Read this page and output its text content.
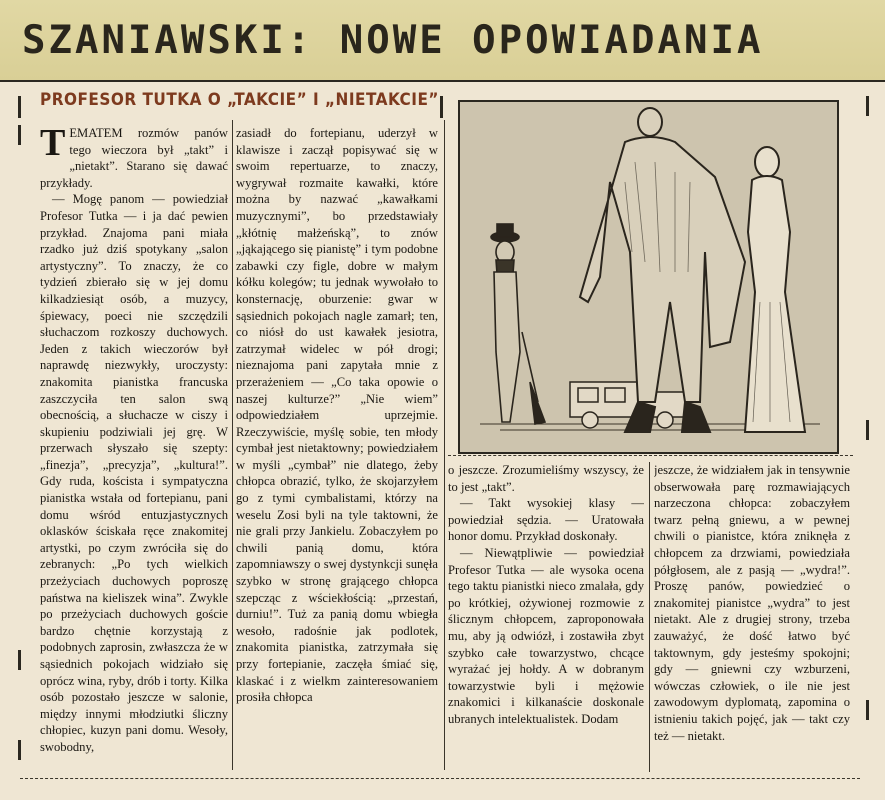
SZANIAWSKI: NOWE OPOWIADANIA
PROFESOR TUTKA O „TAKCIE” I „NIETAKCIE”

TEMATEM rozmów panów tego wieczora był „takt” i „nietakt”. Starano się dawać przykłady.

— Mogę panom — powiedział Profesor Tutka — i ja dać pewien przykład. Znajoma pani miała rzadko już dziś spotykany „salon artystyczny”. To znaczy, że co tydzień zbierało się w jej domu kilkadziesiąt osób, a muzycy, śpiewacy, poeci nie szczędzili słuchaczom rozkoszy duchowych. Jeden z takich wieczorów był naprawdę niezwykły, uroczysty: znakomita pianistka francuska zaszczyciła ten salon swą obecnością, a słuchacze w ciszy i skupieniu podziwiali jej grę. W przerwach słyszało się szepty: „finezja”, „precyzja”, „kultura!”. Gdy ruda, koścista i sympatyczna pianistka wstała od fortepianu, pani domu wśród entuzjastycznych oklasków ściskała ręce znakomitej artystki, po czym zwróciła się do zebranych: „Po tych wielkich przeżyciach duchowych poproszę państwa na kieliszek wina”. Zwykle po przeżyciach duchowych goście bardzo chętnie korzystają z podobnych zaprosin, zwłaszcza że w sąsiednich pokojach widziało się oprócz wina, ryby, drób i torty. Kilka osób pozostało jeszcze w salonie, między innymi młodziutki śliczny chłopiec, kuzyn pani domu. Wesoły, swobodny,

zasiadł do fortepianu, uderzył w klawisze i zaczął popisywać się w swoim repertuarze, to znaczy, wygrywał rozmaite kawałki, które można by nazwać „kawałkami muzycznymi”, bo przedstawiały „kłótnię małżeńską”, to znów „jąkającego się pianistę” i tym podobne zabawki czy figle, dobre w małym kółku kolegów; tu jednak wywołało to konsternację, oburzenie: gwar w sąsiednich pokojach nagle zamarł; ten, co niósł do ust kawałek jesiotra, zatrzymał widelec w pół drogi; nieznajoma pani zapytała mnie z przerażeniem — „Co taka opowie o naszej kulturze?” „Nie wiem” odpowiedziałem uprzejmie. Rzeczywiście, myślę sobie, ten młody cymbał jest nietaktowny; powiedziałem w myśli „cymbał” nie dlatego, żeby chłopca obrazić, tylko, że skojarzyłem go z tymi cymbalistami, którzy na weselu Zosi byli na tyle taktowni, że nie grali przy Jankielu. Zobaczyłem po chwili panią domu, która zapomniawszy o swej dystynkcji sunęła szybko w stronę grającego chłopca szepcząc z wściekłością: „przestań, durniu!”. Tuż za panią domu wbiegła wesoło, radośnie jak podlotek, znakomita pianistka, zatrzymała się przy fortepianie, zaczęła śmiać się, klaskać i z wielkm zainteresowaniem prosiła chłopca

o jeszcze. Zrozumieliśmy wszyscy, że to jest „takt”.

— Takt wysokiej klasy — powiedział sędzia. — Uratowała honor domu. Przykład doskonały.

— Niewątpliwie — powiedział Profesor Tutka — ale wysoka ocena tego taktu pianistki nieco zmalała, gdy po krótkiej, ożywionej rozmowie z ślicznym chłopcem, zaproponowała mu, aby ją odwiózł, i zostawiła zbyt szybko całe towarzystwo, chcące wyrażać jej hołdy. A w dobranym towarzystwie byli i mężowie znakomici i kilkanaście doskonale ubranych intelektualistek. Dodam

jeszcze, że widziałem jak in tensywnie obserwowała parę rozmawiających narzeczona chłopca: zobaczyłem twarz pełną gniewu, a w pewnej chwili o pianistce, która zniknęła z chłopcem za drzwiami, powiedziała półgłosem, ale z pasją — „wydra!”. Proszę panów, powiedzieć o znakomitej pianistce „wydra” to jest nietakt. Ale z drugiej strony, trzeba zauważyć, że dość łatwo być taktownym, gdy jesteśmy spokojni; gdy — gniewni czy wzburzeni, wówczas człowiek, o ile nie jest zawodowym dyplomatą, zapomina o istnieniu takich pojęć, jak — takt czy też — nietakt.
